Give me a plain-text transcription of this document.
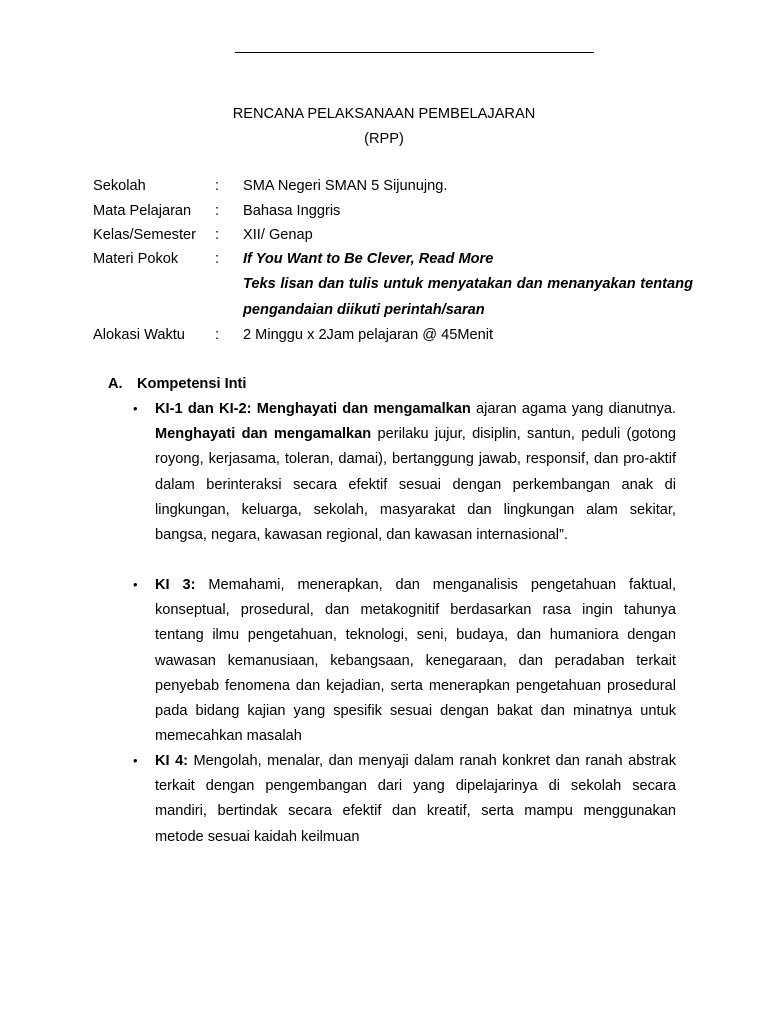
RENCANA PELAKSANAAN PEMBELAJARAN
(RPP)
Sekolah	: SMA Negeri SMAN 5 Sijunujng.
Mata Pelajaran : Bahasa Inggris
Kelas/Semester : XII/ Genap
Materi Pokok	: If You Want to Be Clever, Read More
Teks lisan dan tulis untuk menyatakan dan menanyakan tentang pengandaian diikuti perintah/saran
Alokasi Waktu : 2 Minggu x 2Jam pelajaran @ 45Menit
A. Kompetensi Inti
• KI-1 dan KI-2: Menghayati dan mengamalkan ajaran agama yang dianutnya. Menghayati dan mengamalkan perilaku jujur, disiplin, santun, peduli (gotong royong, kerjasama, toleran, damai), bertanggung jawab, responsif, dan pro-aktif dalam berinteraksi secara efektif sesuai dengan perkembangan anak di lingkungan, keluarga, sekolah, masyarakat dan lingkungan alam sekitar, bangsa, negara, kawasan regional, dan kawasan internasional”.
• KI 3: Memahami, menerapkan, dan menganalisis pengetahuan faktual, konseptual, prosedural, dan metakognitif berdasarkan rasa ingin tahunya tentang ilmu pengetahuan, teknologi, seni, budaya, dan humaniora dengan wawasan kemanusiaan, kebangsaan, kenegaraan, dan peradaban terkait penyebab fenomena dan kejadian, serta menerapkan pengetahuan prosedural pada bidang kajian yang spesifik sesuai dengan bakat dan minatnya untuk memecahkan masalah
• KI 4: Mengolah, menalar, dan menyaji dalam ranah konkret dan ranah abstrak terkait dengan pengembangan dari yang dipelajarinya di sekolah secara mandiri, bertindak secara efektif dan kreatif, serta mampu menggunakan metode sesuai kaidah keilmuan
